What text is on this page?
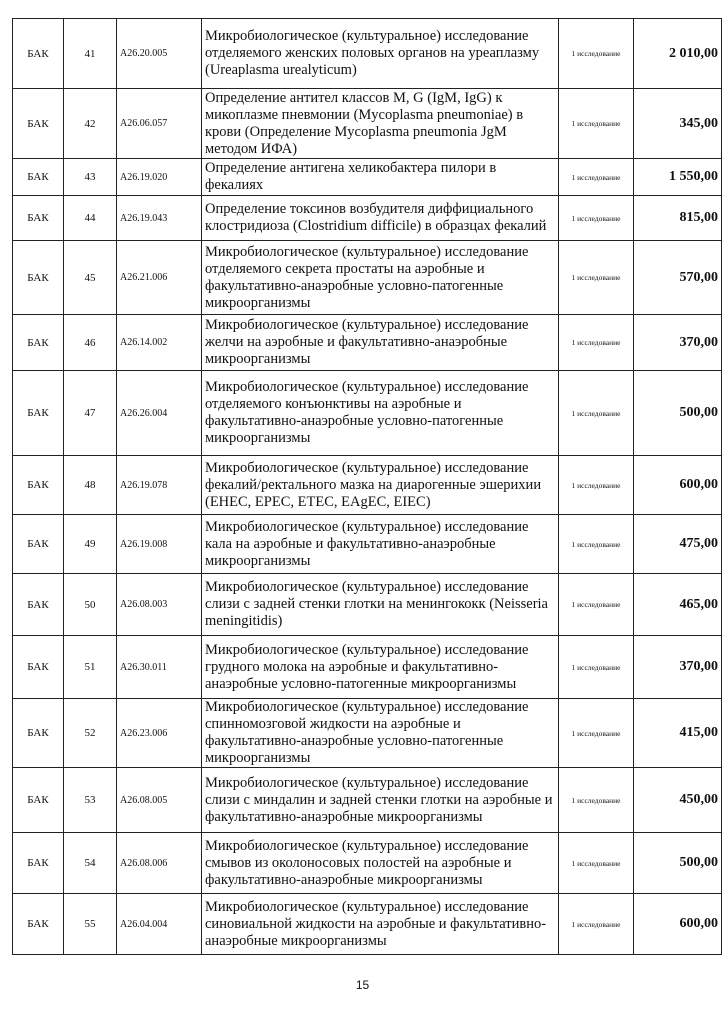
БАК	41	A26.20.005	Микробиологическое (культуральное) исследование отделяемого женских половых органов на уреаплазму (Ureaplasma urealyticum)	1 исследование	2 010,00
БАК	42	A26.06.057	Определение антител классов M, G (IgM, IgG) к микоплазме пневмонии (Mycoplasma pneumoniae) в крови (Определение Mycoplasma pneumonia JgM методом ИФА)	1 исследование	345,00
БАК	43	A26.19.020	Определение антигена хеликобактера пилори в фекалиях	1 исследование	1 550,00
БАК	44	A26.19.043	Определение токсинов возбудителя диффициального клостридиоза (Clostridium difficile) в образцах фекалий	1 исследование	815,00
БАК	45	A26.21.006	Микробиологическое (культуральное) исследование отделяемого секрета простаты на аэробные и факультативно-анаэробные условно-патогенные микроорганизмы	1 исследование	570,00
БАК	46	A26.14.002	Микробиологическое (культуральное) исследование желчи на аэробные и факультативно-анаэробные микроорганизмы	1 исследование	370,00
БАК	47	A26.26.004	Микробиологическое (культуральное) исследование отделяемого конъюнктивы на аэробные и факультативно-анаэробные условно-патогенные микроорганизмы	1 исследование	500,00
БАК	48	A26.19.078	Микробиологическое (культуральное) исследование фекалий/ректального мазка на диарогенные эшерихии (EHEC, EPEC, ETEC, EAgEC, EIEC)	1 исследование	600,00
БАК	49	A26.19.008	Микробиологическое (культуральное) исследование кала на аэробные и факультативно-анаэробные микроорганизмы	1 исследование	475,00
БАК	50	A26.08.003	Микробиологическое (культуральное) исследование слизи с задней стенки глотки на менингококк (Neisseria meningitidis)	1 исследование	465,00
БАК	51	A26.30.011	Микробиологическое (культуральное) исследование грудного молока на аэробные и факультативно-анаэробные условно-патогенные микроорганизмы	1 исследование	370,00
БАК	52	A26.23.006	Микробиологическое (культуральное) исследование спинномозговой жидкости на аэробные и факультативно-анаэробные условно-патогенные микроорганизмы	1 исследование	415,00
БАК	53	A26.08.005	Микробиологическое (культуральное) исследование слизи с миндалин и задней стенки глотки на аэробные и факультативно-анаэробные микроорганизмы	1 исследование	450,00
БАК	54	A26.08.006	Микробиологическое (культуральное) исследование смывов из околоносовых полостей на аэробные и факультативно-анаэробные микроорганизмы	1 исследование	500,00
БАК	55	A26.04.004	Микробиологическое (культуральное) исследование синовиальной жидкости на аэробные и факультативно-анаэробные микроорганизмы	1 исследование	600,00
15
